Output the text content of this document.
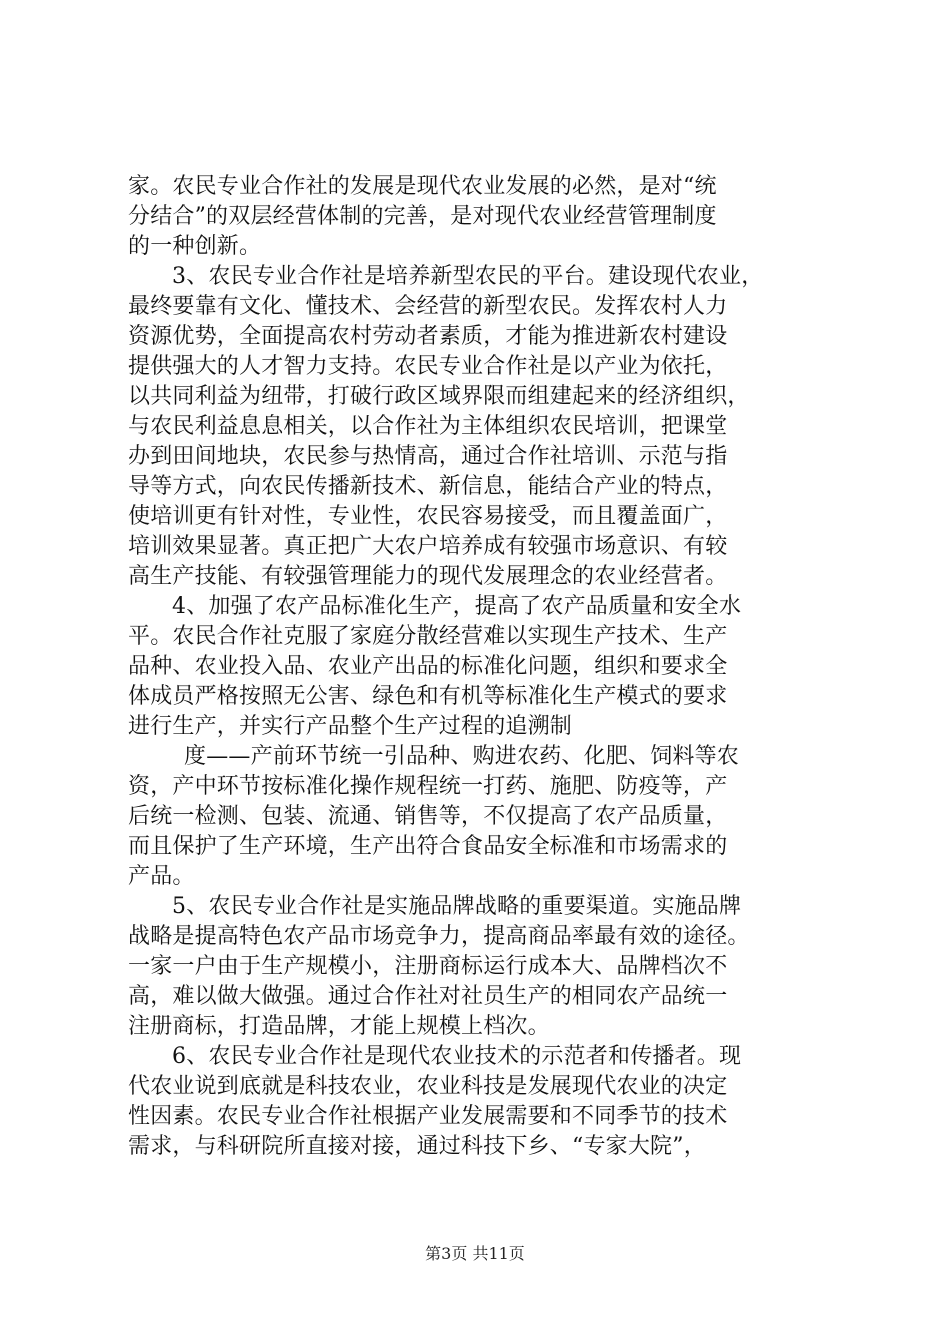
家。农民专业合作社的发展是现代农业发展的必然，是对“统
分结合”的双层经营体制的完善，是对现代农业经营管理制度
的一种创新。
3、农民专业合作社是培养新型农民的平台。建设现代农业，
最终要靠有文化、懂技术、会经营的新型农民。发挥农村人力
资源优势，全面提高农村劳动者素质，才能为推进新农村建设
提供强大的人才智力支持。农民专业合作社是以产业为依托，
以共同利益为纽带，打破行政区域界限而组建起来的经济组织，
与农民利益息息相关，以合作社为主体组织农民培训，把课堂
办到田间地块，农民参与热情高，通过合作社培训、示范与指
导等方式，向农民传播新技术、新信息，能结合产业的特点，
使培训更有针对性，专业性，农民容易接受，而且覆盖面广，
培训效果显著。真正把广大农户培养成有较强市场意识、有较
高生产技能、有较强管理能力的现代发展理念的农业经营者。
4、加强了农产品标准化生产，提高了农产品质量和安全水
平。农民合作社克服了家庭分散经营难以实现生产技术、生产
品种、农业投入品、农业产出品的标准化问题，组织和要求全
体成员严格按照无公害、绿色和有机等标准化生产模式的要求
进行生产，并实行产品整个生产过程的追溯制
度——产前环节统一引品种、购进农药、化肥、饲料等农
资，产中环节按标准化操作规程统一打药、施肥、防疫等，产
后统一检测、包装、流通、销售等，不仅提高了农产品质量，
而且保护了生产环境，生产出符合食品安全标准和市场需求的
产品。
5、农民专业合作社是实施品牌战略的重要渠道。实施品牌
战略是提高特色农产品市场竞争力，提高商品率最有效的途径。
一家一户由于生产规模小，注册商标运行成本大、品牌档次不
高，难以做大做强。通过合作社对社员生产的相同农产品统一
注册商标，打造品牌，才能上规模上档次。
6、农民专业合作社是现代农业技术的示范者和传播者。现
代农业说到底就是科技农业，农业科技是发展现代农业的决定
性因素。农民专业合作社根据产业发展需要和不同季节的技术
需求，与科研院所直接对接，通过科技下乡、“专家大院”，
第3页 共11页
